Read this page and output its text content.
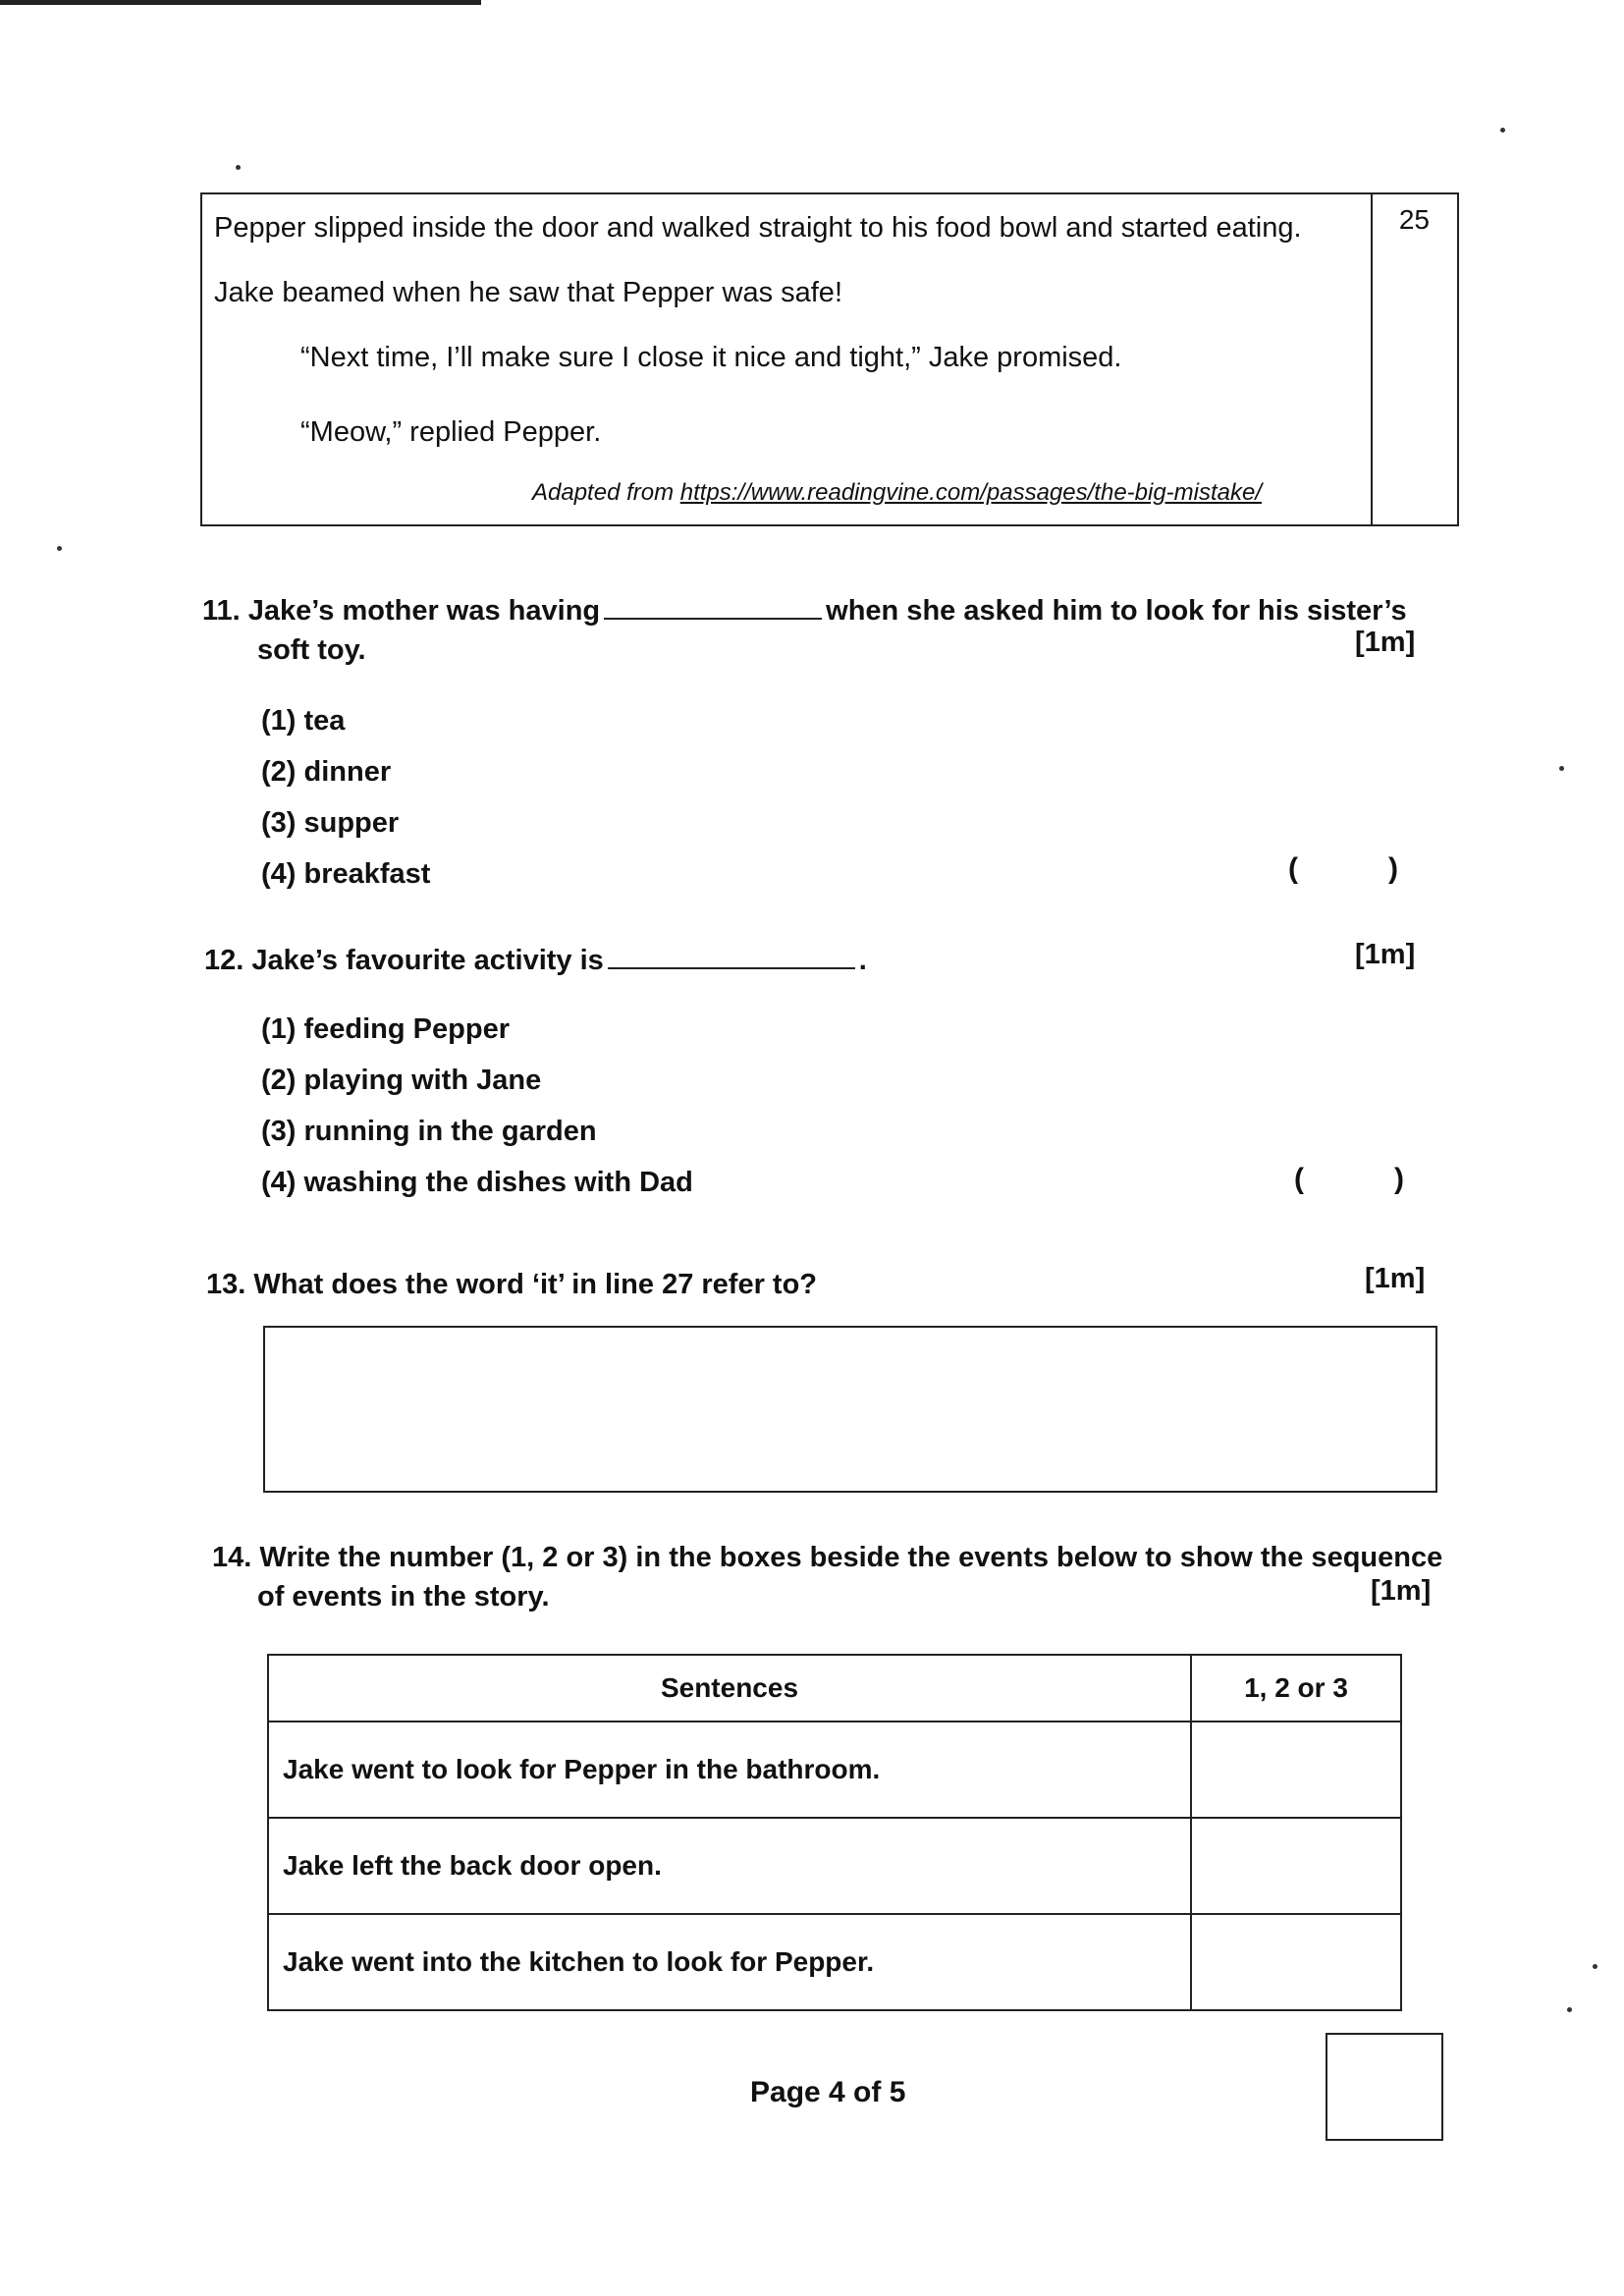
25
Pepper slipped inside the door and walked straight to his food bowl and started eating.
Jake beamed when he saw that Pepper was safe!
“Next time, I’ll make sure I close it nice and tight,” Jake promised.
“Meow,” replied Pepper.
Adapted from https://www.readingvine.com/passages/the-big-mistake/
11. Jake’s mother was having	when she asked him to look for his sister’s
soft toy.	[1m]
(1) tea
(2) dinner
(3) supper
(4) breakfast	(	)
12. Jake’s favourite activity is	.	[1m]
(1) feeding Pepper
(2) playing with Jane
(3) running in the garden
(4) washing the dishes with Dad	(	)
13. What does the word ‘it’ in line 27 refer to?	[1m]
14. Write the number (1, 2 or 3) in the boxes beside the events below to show the sequence
of events in the story.	[1m]
Sentences	1, 2 or 3
Jake went to look for Pepper in the bathroom.	
Jake left the back door open.	
Jake went into the kitchen to look for Pepper.	
Page 4 of 5
